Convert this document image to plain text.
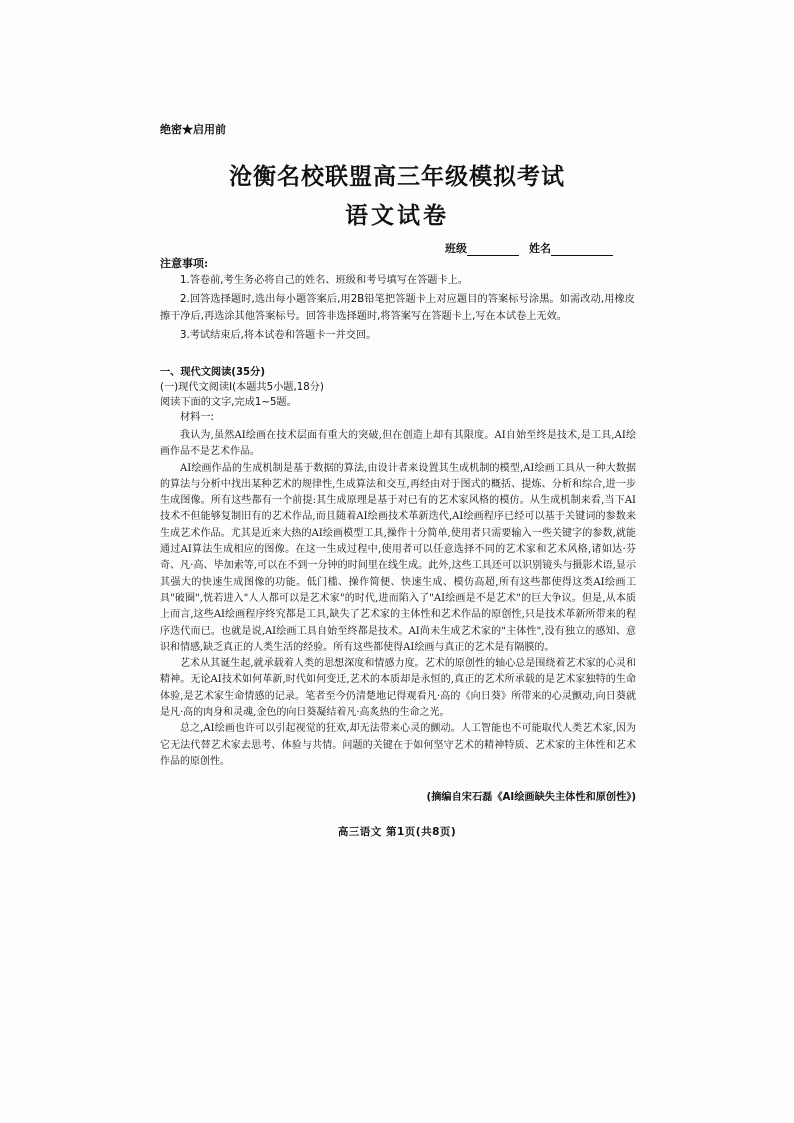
绝密★启用前
沧衡名校联盟高三年级模拟考试
语文试卷
班级	姓名
注意事项:

1.答卷前,考生务必将自己的姓名、班级和考号填写在答题卡上。

2.回答选择题时,选出每小题答案后,用2B铅笔把答题卡上对应题目的答案标号涂黑。如需改动,用橡皮擦干净后,再选涂其他答案标号。回答非选择题时,将答案写在答题卡上,写在本试卷上无效。

3.考试结束后,将本试卷和答题卡一并交回。

一、现代文阅读(35分)

(一)现代文阅读Ⅰ(本题共5小题,18分)

阅读下面的文字,完成1~5题。

材料一:

我认为,虽然AI绘画在技术层面有重大的突破,但在创造上却有其限度。AI自始至终是技术,是工具,AI绘画作品不是艺术作品。

AI绘画作品的生成机制是基于数据的算法,由设计者来设置其生成机制的模型,AI绘画工具从一种大数据的算法与分析中找出某种艺术的规律性,生成算法和交互,再经由对于图式的概括、提炼、分析和综合,进一步生成图像。所有这些都有一个前提:其生成原理是基于对已有的艺术家风格的模仿。从生成机制来看,当下AI技术不但能够复制旧有的艺术作品,而且随着AI绘画技术革新迭代,AI绘画程序已经可以基于关键词的参数来生成艺术作品。尤其是近来大热的AI绘画模型工具,操作十分简单,使用者只需要输入一些关键字的参数,就能通过AI算法生成相应的图像。在这一生成过程中,使用者可以任意选择不同的艺术家和艺术风格,诸如达·芬奇、凡·高、毕加索等,可以在不到一分钟的时间里在线生成。此外,这些工具还可以识别镜头与摄影术语,显示其强大的快速生成图像的功能。低门槛、操作简便、快速生成、模仿高超,所有这些都使得这类AI绘画工具"破圈",恍若进入"人人都可以是艺术家"的时代,进而陷入了"AI绘画是不是艺术"的巨大争议。但是,从本质上而言,这些AI绘画程序终究都是工具,缺失了艺术家的主体性和艺术作品的原创性,只是技术革新所带来的程序迭代而已。也就是说,AI绘画工具自始至终都是技术。AI尚未生成艺术家的"主体性",没有独立的感知、意识和情感,缺乏真正的人类生活的经验。所有这些都使得AI绘画与真正的艺术是有隔膜的。

艺术从其诞生起,就承载着人类的思想深度和情感力度。艺术的原创性的轴心总是围绕着艺术家的心灵和精神。无论AI技术如何革新,时代如何变迁,艺术的本质却是永恒的,真正的艺术所承载的是艺术家独特的生命体验,是艺术家生命情感的记录。笔者至今仍清楚地记得观看凡·高的《向日葵》所带来的心灵颤动,向日葵就是凡·高的肉身和灵魂,金色的向日葵凝结着凡·高炙热的生命之光。

总之,AI绘画也许可以引起视觉的狂欢,却无法带来心灵的颤动。人工智能也不可能取代人类艺术家,因为它无法代替艺术家去思考、体验与共情。问题的关键在于如何坚守艺术的精神特质、艺术家的主体性和艺术作品的原创性。

(摘编自宋石磊《AI绘画缺失主体性和原创性》)
高三语文 第1页(共8页)
